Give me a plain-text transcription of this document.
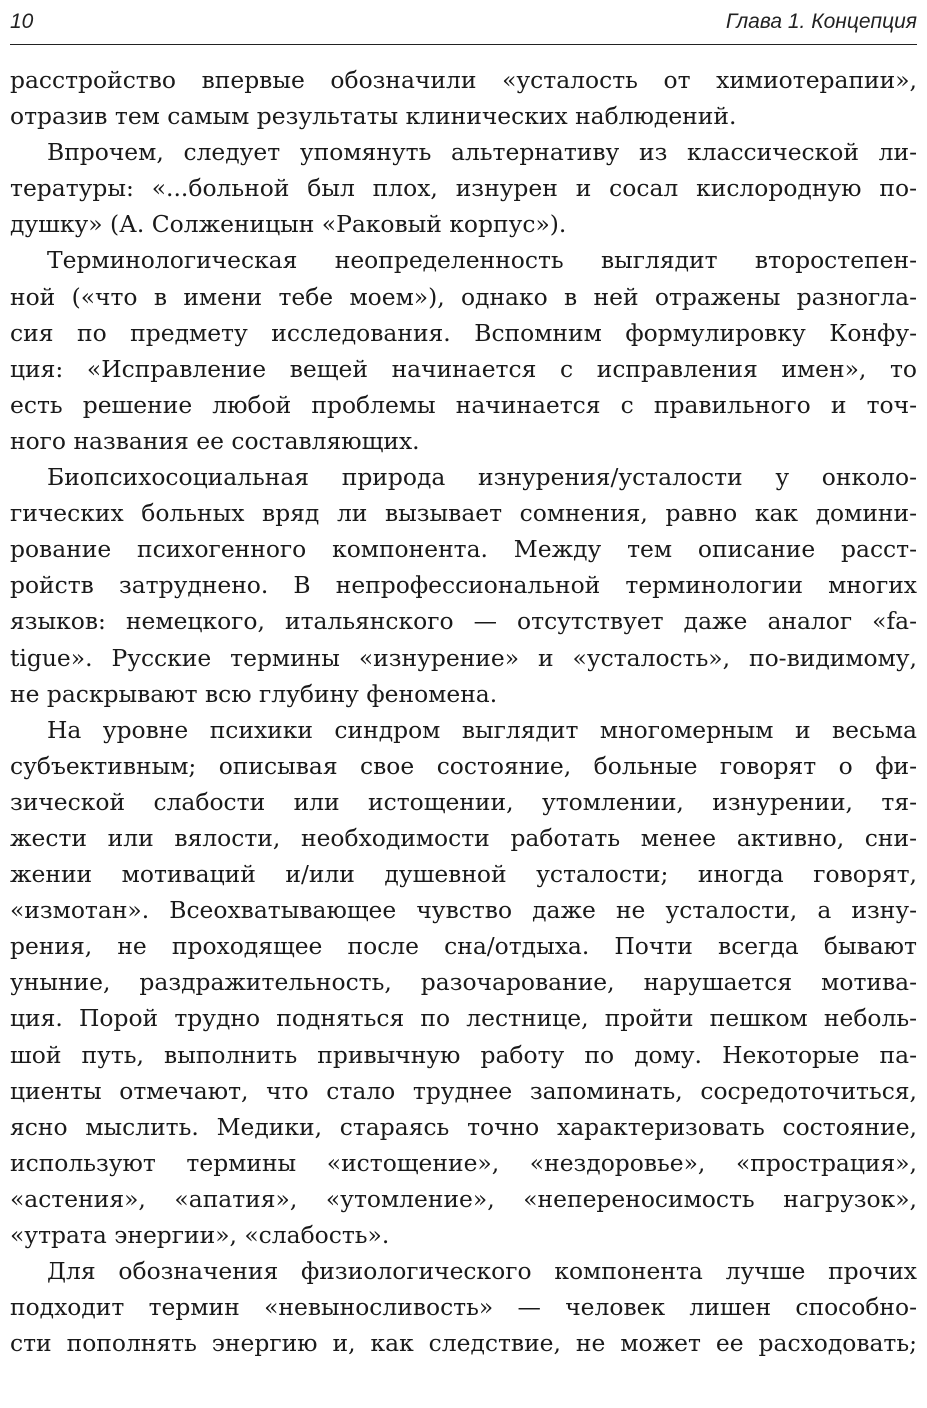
10	Глава 1. Концепция

расстройство впервые обозначили «усталость от химиотерапии»,

отразив тем самым результаты клинических наблюдений.

Впрочем, следует упомянуть альтернативу из классической ли-

тературы: «...больной был плох, изнурен и сосал кислородную по-

душку» (А. Солженицын «Раковый корпус»).

Терминологическая неопределенность выглядит второстепен-

ной («что в имени тебе моем»), однако в ней отражены разногла-

сия по предмету исследования. Вспомним формулировку Конфу-

ция: «Исправление вещей начинается с исправления имен», то

есть решение любой проблемы начинается с правильного и точ-

ного названия ее составляющих.

Биопсихосоциальная природа изнурения/усталости у онколо-

гических больных вряд ли вызывает сомнения, равно как домини-

рование психогенного компонента. Между тем описание расст-

ройств затруднено. В непрофессиональной терминологии многих

языков: немецкого, итальянского — отсутствует даже аналог «fa-

tigue». Русские термины «изнурение» и «усталость», по-видимому,

не раскрывают всю глубину феномена.

На уровне психики синдром выглядит многомерным и весьма

субъективным; описывая свое состояние, больные говорят о фи-

зической слабости или истощении, утомлении, изнурении, тя-

жести или вялости, необходимости работать менее активно, сни-

жении мотиваций и/или душевной усталости; иногда говорят,

«измотан». Всеохватывающее чувство даже не усталости, а изну-

рения, не проходящее после сна/отдыха. Почти всегда бывают

уныние, раздражительность, разочарование, нарушается мотива-

ция. Порой трудно подняться по лестнице, пройти пешком неболь-

шой путь, выполнить привычную работу по дому. Некоторые па-

циенты отмечают, что стало труднее запоминать, сосредоточиться,

ясно мыслить. Медики, стараясь точно характеризовать состояние,

используют термины «истощение», «нездоровье», «прострация»,

«астения», «апатия», «утомление», «непереносимость нагрузок»,

«утрата энергии», «слабость».

Для обозначения физиологического компонента лучше прочих

подходит термин «невыносливость» — человек лишен способно-

сти пополнять энергию и, как следствие, не может ее расходовать;
